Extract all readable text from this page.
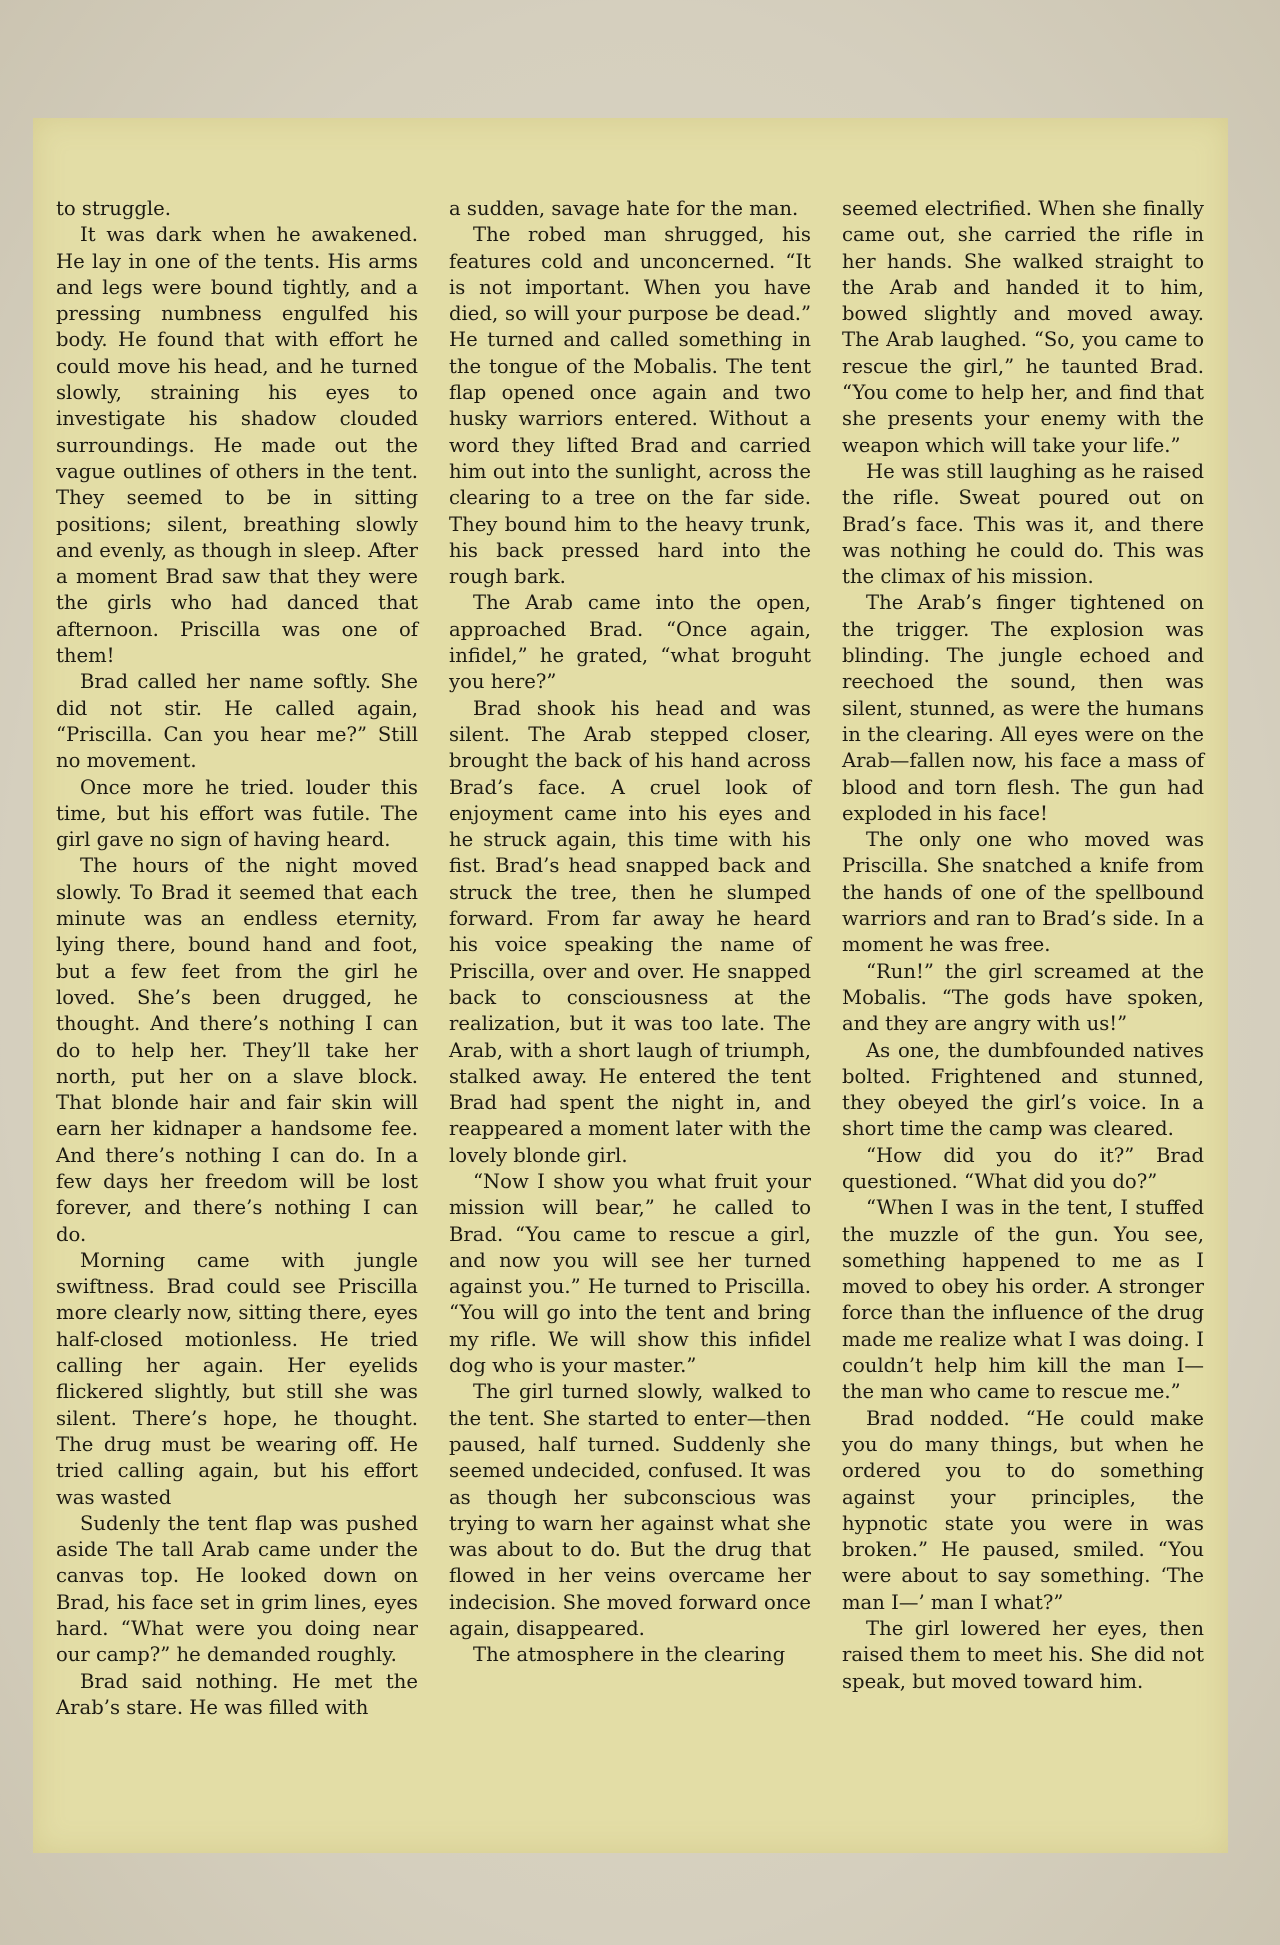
to struggle.

It was dark when he awakened. He lay in one of the tents. His arms and legs were bound tightly, and a pressing numbness engulfed his body. He found that with effort he could move his head, and he turned slowly, straining his eyes to investigate his shadow clouded surroundings. He made out the vague outlines of others in the tent. They seemed to be in sitting positions; silent, breathing slowly and evenly, as though in sleep. After a moment Brad saw that they were the girls who had danced that afternoon. Priscilla was one of them!

Brad called her name softly. She did not stir. He called again, “Priscilla. Can you hear me?” Still no movement.

Once more he tried. louder this time, but his effort was futile. The girl gave no sign of having heard.

The hours of the night moved slowly. To Brad it seemed that each minute was an endless eternity, lying there, bound hand and foot, but a few feet from the girl he loved. She’s been drugged, he thought. And there’s nothing I can do to help her. They’ll take her north, put her on a slave block. That blonde hair and fair skin will earn her kidnaper a handsome fee. And there’s nothing I can do. In a few days her freedom will be lost forever, and there’s nothing I can do.

Morning came with jungle swiftness. Brad could see Priscilla more clearly now, sitting there, eyes half-closed motionless. He tried calling her again. Her eyelids flickered slightly, but still she was silent. There’s hope, he thought. The drug must be wearing off. He tried calling again, but his effort was wasted

Sudenly the tent flap was pushed aside The tall Arab came under the canvas top. He looked down on Brad, his face set in grim lines, eyes hard. “What were you doing near our camp?” he demanded roughly.

Brad said nothing. He met the Arab’s stare. He was filled with

a sudden, savage hate for the man.

The robed man shrugged, his features cold and unconcerned. “It is not important. When you have died, so will your purpose be dead.” He turned and called something in the tongue of the Mobalis. The tent flap opened once again and two husky warriors entered. Without a word they lifted Brad and carried him out into the sunlight, across the clearing to a tree on the far side. They bound him to the heavy trunk, his back pressed hard into the rough bark.

The Arab came into the open, approached Brad. “Once again, infidel,” he grated, “what broguht you here?”

Brad shook his head and was silent. The Arab stepped closer, brought the back of his hand across Brad’s face. A cruel look of enjoyment came into his eyes and he struck again, this time with his fist. Brad’s head snapped back and struck the tree, then he slumped forward. From far away he heard his voice speaking the name of Priscilla, over and over. He snapped back to consciousness at the realization, but it was too late. The Arab, with a short laugh of triumph, stalked away. He entered the tent Brad had spent the night in, and reappeared a moment later with the lovely blonde girl.

“Now I show you what fruit your mission will bear,” he called to Brad. “You came to rescue a girl, and now you will see her turned against you.” He turned to Priscilla. “You will go into the tent and bring my rifle. We will show this infidel dog who is your master.”

The girl turned slowly, walked to the tent. She started to enter—then paused, half turned. Suddenly she seemed undecided, confused. It was as though her subconscious was trying to warn her against what she was about to do. But the drug that flowed in her veins overcame her indecision. She moved forward once again, disappeared.

The atmosphere in the clearing

seemed electrified. When she finally came out, she carried the rifle in her hands. She walked straight to the Arab and handed it to him, bowed slightly and moved away. The Arab laughed. “So, you came to rescue the girl,” he taunted Brad. “You come to help her, and find that she presents your enemy with the weapon which will take your life.”

He was still laughing as he raised the rifle. Sweat poured out on Brad’s face. This was it, and there was nothing he could do. This was the climax of his mission.

The Arab’s finger tightened on the trigger. The explosion was blinding. The jungle echoed and reechoed the sound, then was silent, stunned, as were the humans in the clearing. All eyes were on the Arab—fallen now, his face a mass of blood and torn flesh. The gun had exploded in his face!

The only one who moved was Priscilla. She snatched a knife from the hands of one of the spellbound warriors and ran to Brad’s side. In a moment he was free.

“Run!” the girl screamed at the Mobalis. “The gods have spoken, and they are angry with us!”

As one, the dumbfounded natives bolted. Frightened and stunned, they obeyed the girl’s voice. In a short time the camp was cleared.

“How did you do it?” Brad questioned. “What did you do?”

“When I was in the tent, I stuffed the muzzle of the gun. You see, something happened to me as I moved to obey his order. A stronger force than the influence of the drug made me realize what I was doing. I couldn’t help him kill the man I—the man who came to rescue me.”

Brad nodded. “He could make you do many things, but when he ordered you to do something against your principles, the hypnotic state you were in was broken.” He paused, smiled. “You were about to say something. ‘The man I—’ man I what?”

The girl lowered her eyes, then raised them to meet his. She did not speak, but moved toward him.
